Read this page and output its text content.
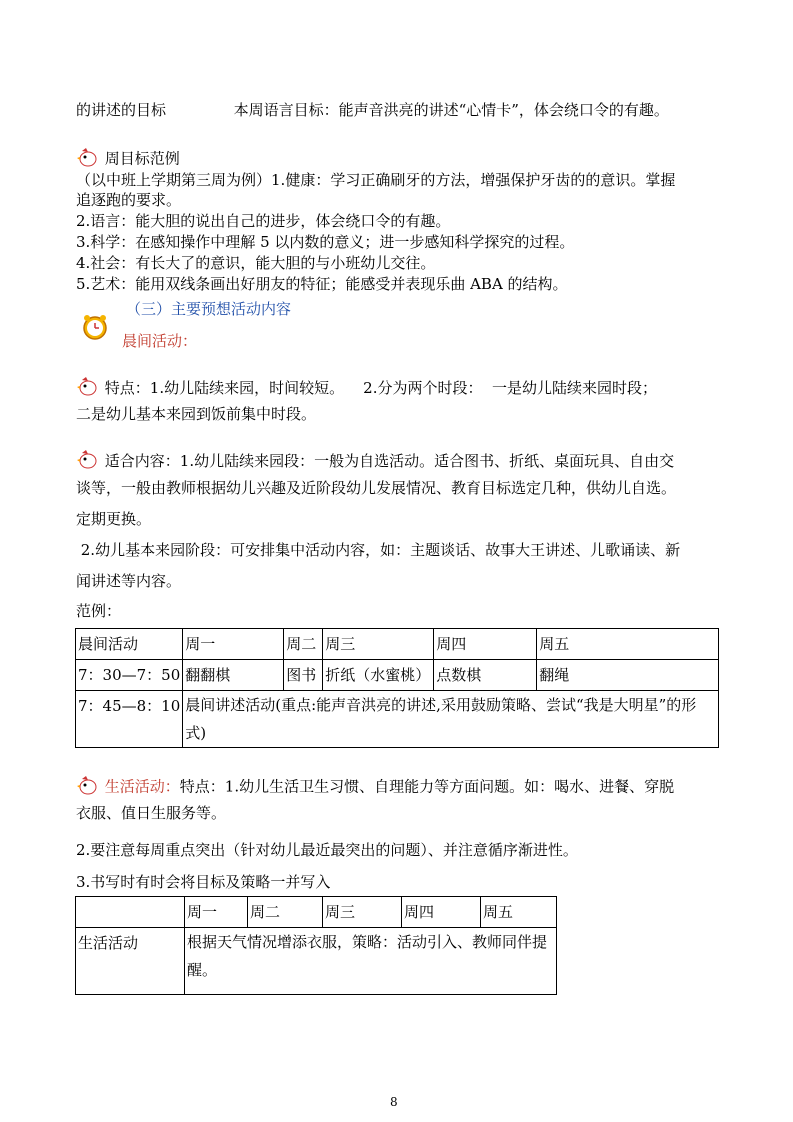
的讲述的目标	本周语言目标：能声音洪亮的讲述“心情卡”，体会绕口令的有趣。
周目标范例
（以中班上学期第三周为例）1.健康：学习正确刷牙的方法，增强保护牙齿的的意识。掌握
追逐跑的要求。
2.语言：能大胆的说出自己的进步，体会绕口令的有趣。
3.科学：在感知操作中理解 5 以内数的意义；进一步感知科学探究的过程。
4.社会：有长大了的意识，能大胆的与小班幼儿交往。
5.艺术：能用双线条画出好朋友的特征；能感受并表现乐曲 ABA 的结构。
（三）主要预想活动内容
晨间活动：
特点：1.幼儿陆续来园，时间较短。    2.分为两个时段：  一是幼儿陆续来园时段；
二是幼儿基本来园到饭前集中时段。
适合内容：1.幼儿陆续来园段：一般为自选活动。适合图书、折纸、桌面玩具、自由交
谈等，一般由教师根据幼儿兴趣及近阶段幼儿发展情况、教育目标选定几种，供幼儿自选。
定期更换。
2.幼儿基本来园阶段：可安排集中活动内容，如：主题谈话、故事大王讲述、儿歌诵读、新
闻讲述等内容。
范例：
晨间活动	周一	周二	周三	周四	周五
7：30—7：50	翻翻棋	图书	折纸（水蜜桃）	点数棋	翻绳
7：45—8：10	晨间讲述活动(重点:能声音洪亮的讲述,采用鼓励策略、尝试“我是大明星”的形式)				
生活活动：特点：1.幼儿生活卫生习惯、自理能力等方面问题。如：喝水、进餐、穿脱
衣服、值日生服务等。
2.要注意每周重点突出（针对幼儿最近最突出的问题）、并注意循序渐进性。
3.书写时有时会将目标及策略一并写入
	周一	周二	周三	周四	周五
生活活动	根据天气情况增添衣服，策略：活动引入、教师同伴提醒。				
8
